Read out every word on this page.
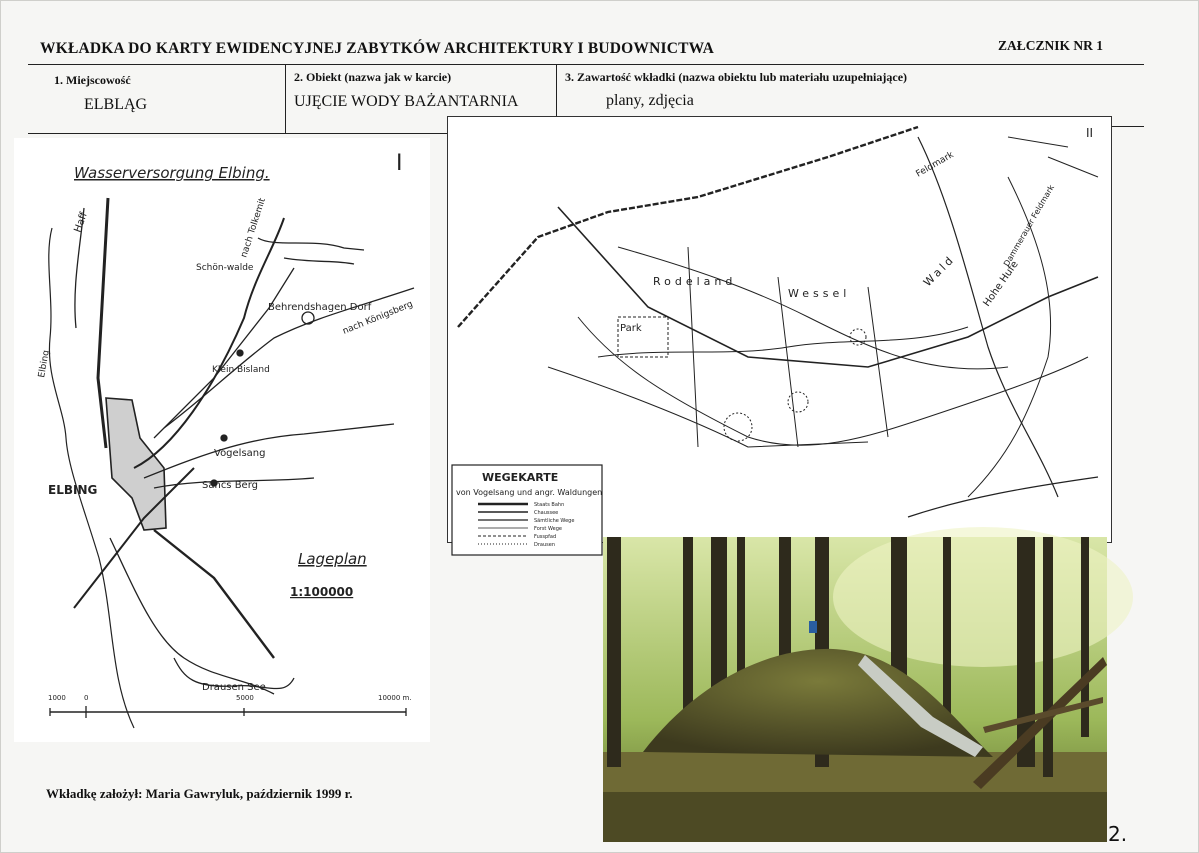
WKŁADKA DO KARTY EWIDENCYJNEJ ZABYTKÓW ARCHITEKTURY I BUDOWNICTWA	ZAŁCZNIK NR 1
1. Miejscowość
ELBLĄG
2. Obiekt (nazwa jak w karcie)
UJĘCIE WODY BAŻANTARNIA
3. Zawartość wkładki (nazwa obiektu lub materiału uzupełniające)
plany, zdjęcia
I
Wasserversorgung Elbing.
Haff	nach Tolkemit
Schön-walde
Behrendshagen Dorf
nach Königsberg
Klein Bisland
Vogelsang
Sancs Berg
Elbing
ELBING
Drausen See
Lageplan
1:100000
1000	0	5000	10000 m.
II
Rodeland
Wessel
Park
Feldmark
Dammerauer Feldmark
Wald Hohe Hufe
WEGEKARTE
von Vogelsang und angr. Waldungen
Staats Bahn
Chaussee
Sämtliche Wege
Forst Wege
Fusspfad
Drausen
2.
Wkładkę założył: Maria Gawryluk, październik 1999 r.
